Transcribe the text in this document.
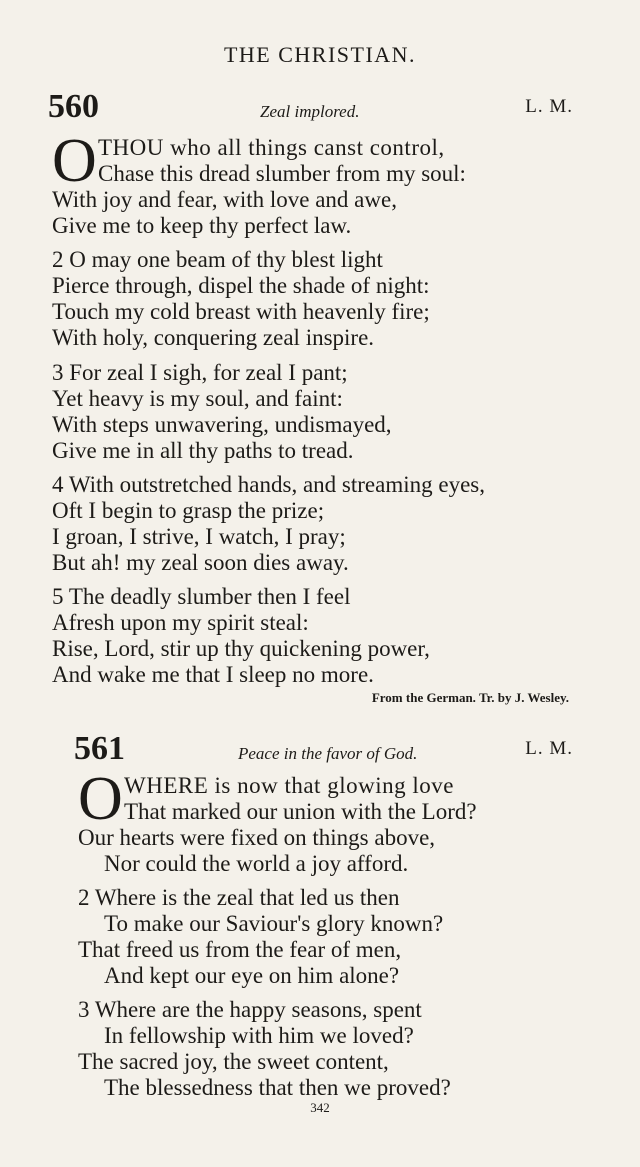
THE CHRISTIAN.
560	Zeal implored.	L. M.
O THOU who all things canst control,
Chase this dread slumber from my soul:
With joy and fear, with love and awe,
Give me to keep thy perfect law.
2 O may one beam of thy blest light
Pierce through, dispel the shade of night:
Touch my cold breast with heavenly fire;
With holy, conquering zeal inspire.
3 For zeal I sigh, for zeal I pant;
Yet heavy is my soul, and faint:
With steps unwavering, undismayed,
Give me in all thy paths to tread.
4 With outstretched hands, and streaming eyes,
Oft I begin to grasp the prize;
I groan, I strive, I watch, I pray;
But ah! my zeal soon dies away.
5 The deadly slumber then I feel
Afresh upon my spirit steal:
Rise, Lord, stir up thy quickening power,
And wake me that I sleep no more.
From the German. Tr. by J. Wesley.
561	Peace in the favor of God.	L. M.
O WHERE is now that glowing love
That marked our union with the Lord?
Our hearts were fixed on things above,
Nor could the world a joy afford.
2 Where is the zeal that led us then
To make our Saviour's glory known?
That freed us from the fear of men,
And kept our eye on him alone?
3 Where are the happy seasons, spent
In fellowship with him we loved?
The sacred joy, the sweet content,
The blessedness that then we proved?
342
